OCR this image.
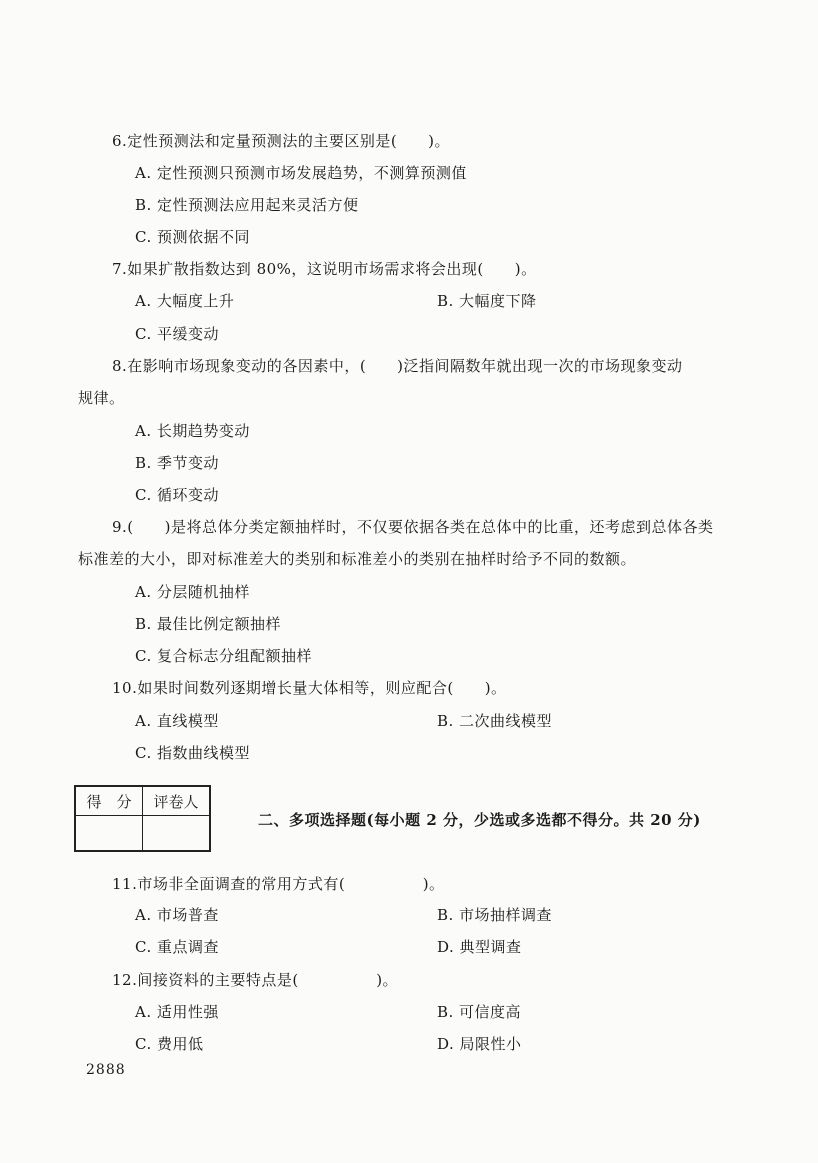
6.定性预测法和定量预测法的主要区别是(　　)。
A. 定性预测只预测市场发展趋势，不测算预测值
B. 定性预测法应用起来灵活方便
C. 预测依据不同
7.如果扩散指数达到 80%，这说明市场需求将会出现(　　)。
A. 大幅度上升	B. 大幅度下降
C. 平缓变动
8.在影响市场现象变动的各因素中，(　　)泛指间隔数年就出现一次的市场现象变动
规律。
A. 长期趋势变动
B. 季节变动
C. 循环变动
9.(　　)是将总体分类定额抽样时，不仅要依据各类在总体中的比重，还考虑到总体各类
标准差的大小，即对标准差大的类别和标准差小的类别在抽样时给予不同的数额。
A. 分层随机抽样
B. 最佳比例定额抽样
C. 复合标志分组配额抽样
10.如果时间数列逐期增长量大体相等，则应配合(　　)。
A. 直线模型	B. 二次曲线模型
C. 指数曲线模型
得　分	评卷人

二、多项选择题(每小题 2 分，少选或多选都不得分。共 20 分)
11.市场非全面调查的常用方式有(　　　　　)。
A. 市场普查	B. 市场抽样调查
C. 重点调查	D. 典型调查
12.间接资料的主要特点是(　　　　　)。
A. 适用性强	B. 可信度高
C. 费用低	D. 局限性小
2888
